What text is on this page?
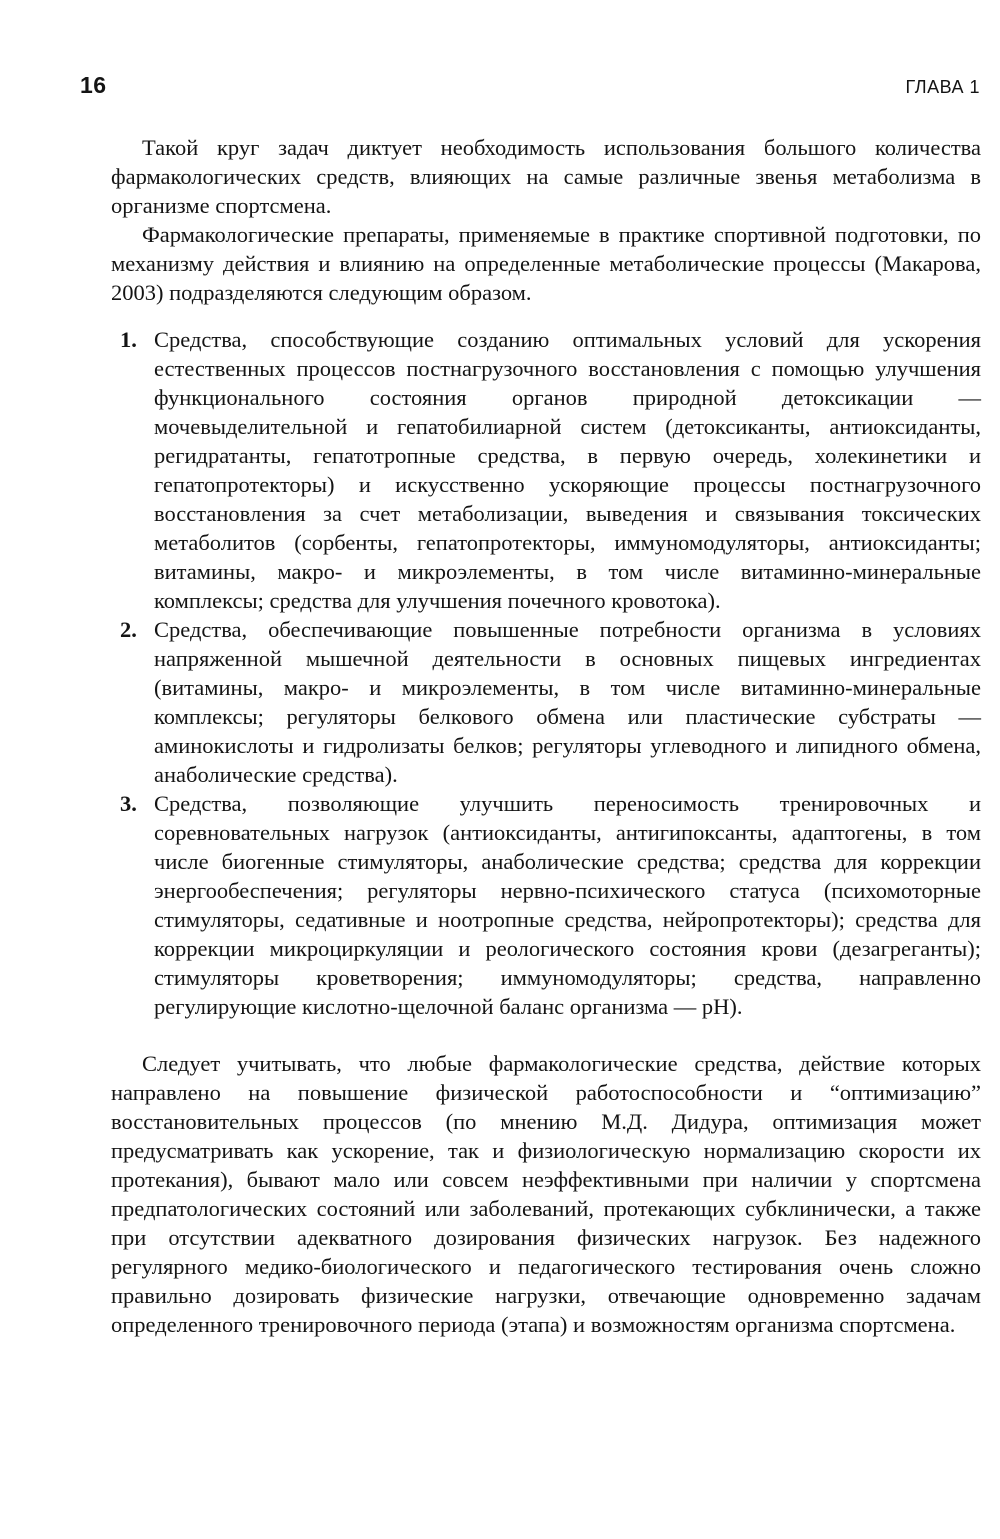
16	ГЛАВА 1

Такой круг задач диктует необходимость использования большого количества фармакологических средств, влияющих на самые различные звенья метаболизма в организме спортсмена.

Фармакологические препараты, применяемые в практике спортивной подготовки, по механизму действия и влиянию на определенные метаболические процессы (Макарова, 2003) подразделяются следующим образом.

1. Средства, способствующие созданию оптимальных условий для ускорения естественных процессов постнагрузочного восстановления с помощью улучшения функционального состояния органов природной детоксикации — мочевыделительной и гепатобилиарной систем (детоксиканты, антиоксиданты, регидратанты, гепатотропные средства, в первую очередь, холекинетики и гепатопротекторы) и искусственно ускоряющие процессы постнагрузочного восстановления за счет метаболизации, выведения и связывания токсических метаболитов (сорбенты, гепатопротекторы, иммуномодуляторы, антиоксиданты; витамины, макро- и микроэлементы, в том числе витаминно-минеральные комплексы; средства для улучшения почечного кровотока).
2. Средства, обеспечивающие повышенные потребности организма в условиях напряженной мышечной деятельности в основных пищевых ингредиентах (витамины, макро- и микроэлементы, в том числе витаминно-минеральные комплексы; регуляторы белкового обмена или пластические субстраты — аминокислоты и гидролизаты белков; регуляторы углеводного и липидного обмена, анаболические средства).
3. Средства, позволяющие улучшить переносимость тренировочных и соревновательных нагрузок (антиоксиданты, антигипоксанты, адаптогены, в том числе биогенные стимуляторы, анаболические средства; средства для коррекции энергообеспечения; регуляторы нервно-психического статуса (психомоторные стимуляторы, седативные и ноотропные средства, нейропротекторы); средства для коррекции микроциркуляции и реологического состояния крови (дезагреганты); стимуляторы кроветворения; иммуномодуляторы; средства, направленно регулирующие кислотно-щелочной баланс организма — pH).

Следует учитывать, что любые фармакологические средства, действие которых направлено на повышение физической работоспособности и “оптимизацию” восстановительных процессов (по мнению М.Д. Дидура, оптимизация может предусматривать как ускорение, так и физиологическую нормализацию скорости их протекания), бывают мало или совсем неэффективными при наличии у спортсмена предпатологических состояний или заболеваний, протекающих субклинически, а также при отсутствии адекватного дозирования физических нагрузок. Без надежного регулярного медико-биологического и педагогического тестирования очень сложно правильно дозировать физические нагрузки, отвечающие одновременно задачам определенного тренировочного периода (этапа) и возможностям организма спортсмена.
